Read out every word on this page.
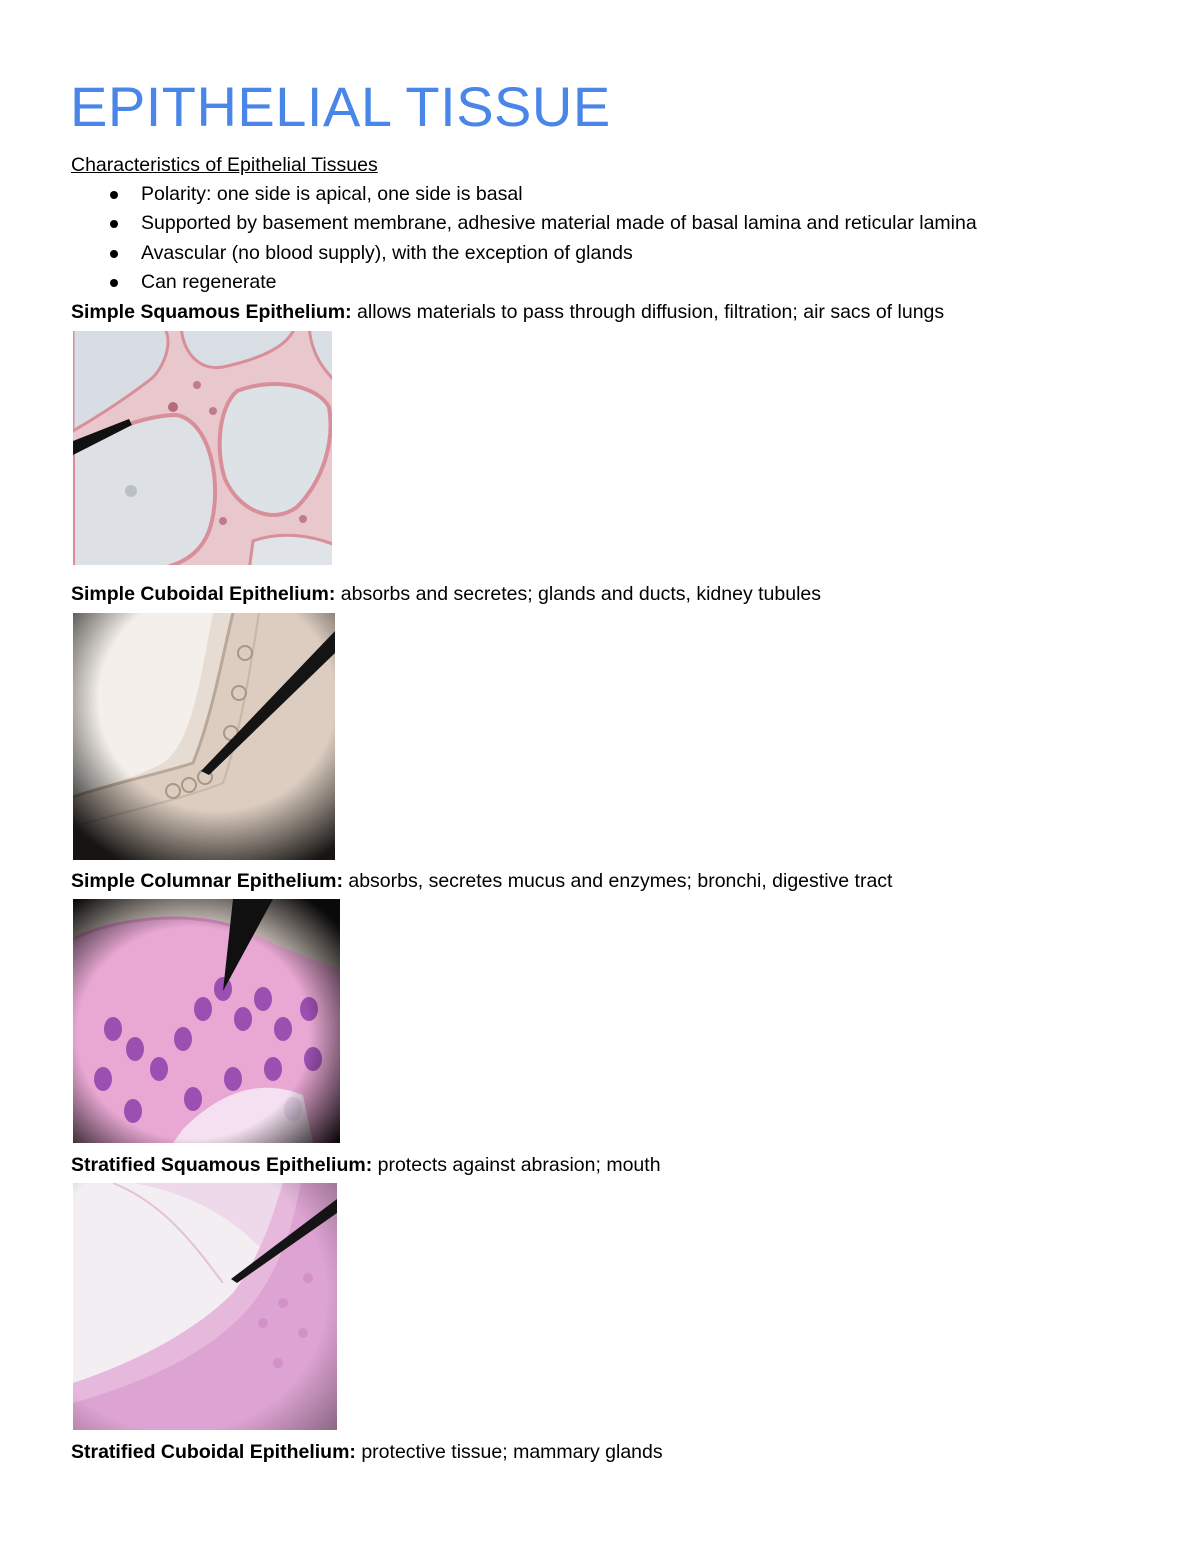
EPITHELIAL TISSUE
Characteristics of Epithelial Tissues
Polarity: one side is apical, one side is basal
Supported by basement membrane, adhesive material made of basal lamina and reticular lamina
Avascular (no blood supply), with the exception of glands
Can regenerate
Simple Squamous Epithelium: allows materials to pass through diffusion, filtration; air sacs of lungs
Simple Cuboidal Epithelium: absorbs and secretes; glands and ducts, kidney tubules
Simple Columnar Epithelium: absorbs, secretes mucus and enzymes; bronchi, digestive tract
Stratified Squamous Epithelium: protects against abrasion; mouth
Stratified Cuboidal Epithelium: protective tissue; mammary glands
